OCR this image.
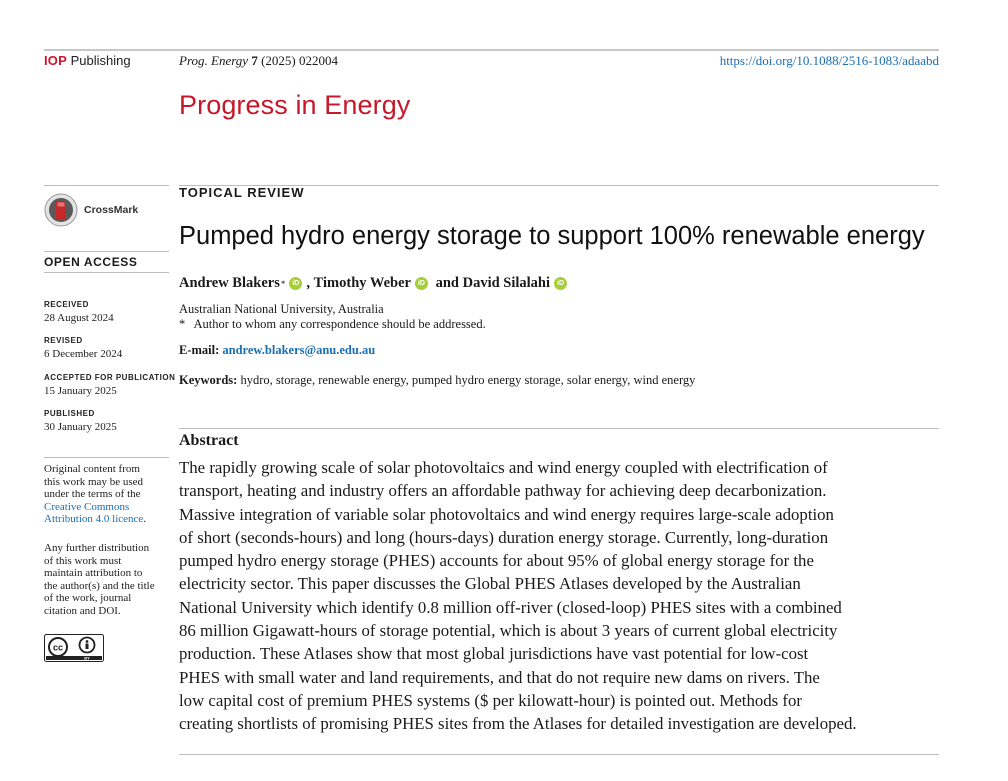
IOP Publishing	Prog. Energy 7 (2025) 022004	https://doi.org/10.1088/2516-1083/adaabd
Progress in Energy
CrossMark
OPEN ACCESS
RECEIVED
28 August 2024
REVISED
6 December 2024
ACCEPTED FOR PUBLICATION
15 January 2025
PUBLISHED
30 January 2025
Original content from
this work may be used
under the terms of the
Creative Commons
Attribution 4.0 licence.
Any further distribution
of this work must
maintain attribution to
the author(s) and the title
of the work, journal
citation and DOI.
cc
BY
TOPICAL REVIEW
Pumped hydro energy storage to support 100% renewable energy
Andrew Blakers *	iD , Timothy Weber	iD and David Silalahi	iD
Australian National University, Australia
* Author to whom any correspondence should be addressed.
E-mail: andrew.blakers@anu.edu.au
Keywords: hydro, storage, renewable energy, pumped hydro energy storage, solar energy, wind energy
Abstract
The rapidly growing scale of solar photovoltaics and wind energy coupled with electrification of
transport, heating and industry offers an affordable pathway for achieving deep decarbonization.
Massive integration of variable solar photovoltaics and wind energy requires large-scale adoption
of short (seconds-hours) and long (hours-days) duration energy storage. Currently, long-duration
pumped hydro energy storage (PHES) accounts for about 95% of global energy storage for the
electricity sector. This paper discusses the Global PHES Atlases developed by the Australian
National University which identify 0.8 million off-river (closed-loop) PHES sites with a combined
86 million Gigawatt-hours of storage potential, which is about 3 years of current global electricity
production. These Atlases show that most global jurisdictions have vast potential for low-cost
PHES with small water and land requirements, and that do not require new dams on rivers. The
low capital cost of premium PHES systems ($ per kilowatt-hour) is pointed out. Methods for
creating shortlists of promising PHES sites from the Atlases for detailed investigation are developed.
